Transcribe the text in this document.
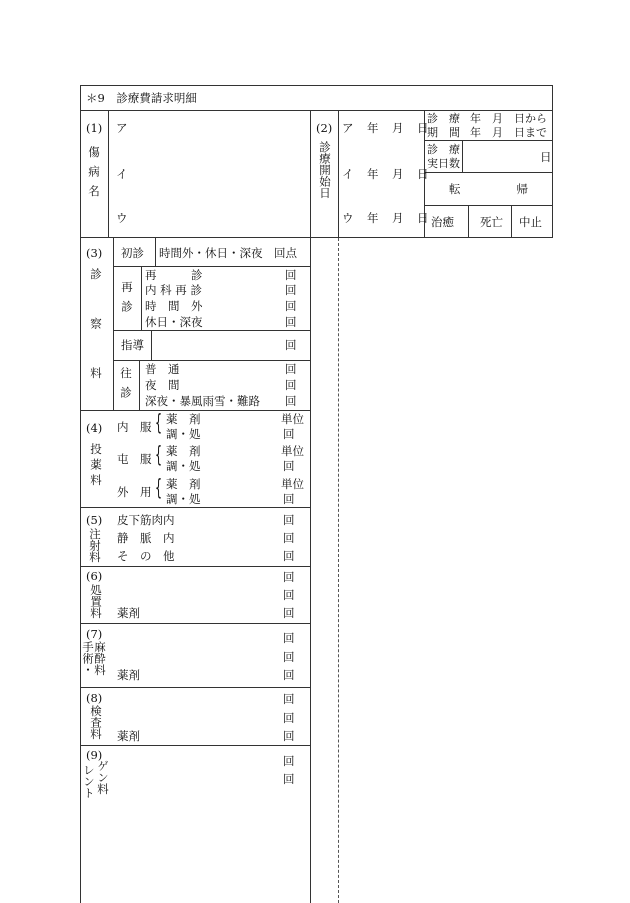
＊9　診療費請求明細
(1)
傷病名
ア
イ
ウ
(2)
診療開始日
ア　年　月　日
イ　年　月　日
ウ　年　月　日
診　療
期　間
年　月　日から
年　月　日まで
診　療
実日数	日
転　　　　帰
治癒 死亡 中止
(3)
診察料
初診 時間外・休日・深夜　回点
再診
再　　　診
内 科 再 診
時　間　外
休日・深夜
回
回
回
回
指導	回
往診 普　通
夜　間
深夜・暴風雨雪・難路
回
回
回
(4)
投薬料
内　服 { 薬　剤
調・処
単位
回
屯　服 { 薬　剤
調・処
単位
回
外　用 { 薬　剤
調・処
単位
回
(5)
注射料
皮下筋肉内
静　脈　内
そ　の　他
回
回
回
(6)
処置料 薬剤
回
回
回
(7)
麻酔料
手術・ 薬剤
回
回
回
(8)
検査料 薬剤
回
回
回
(9)
ゲン料
レント
回
回
